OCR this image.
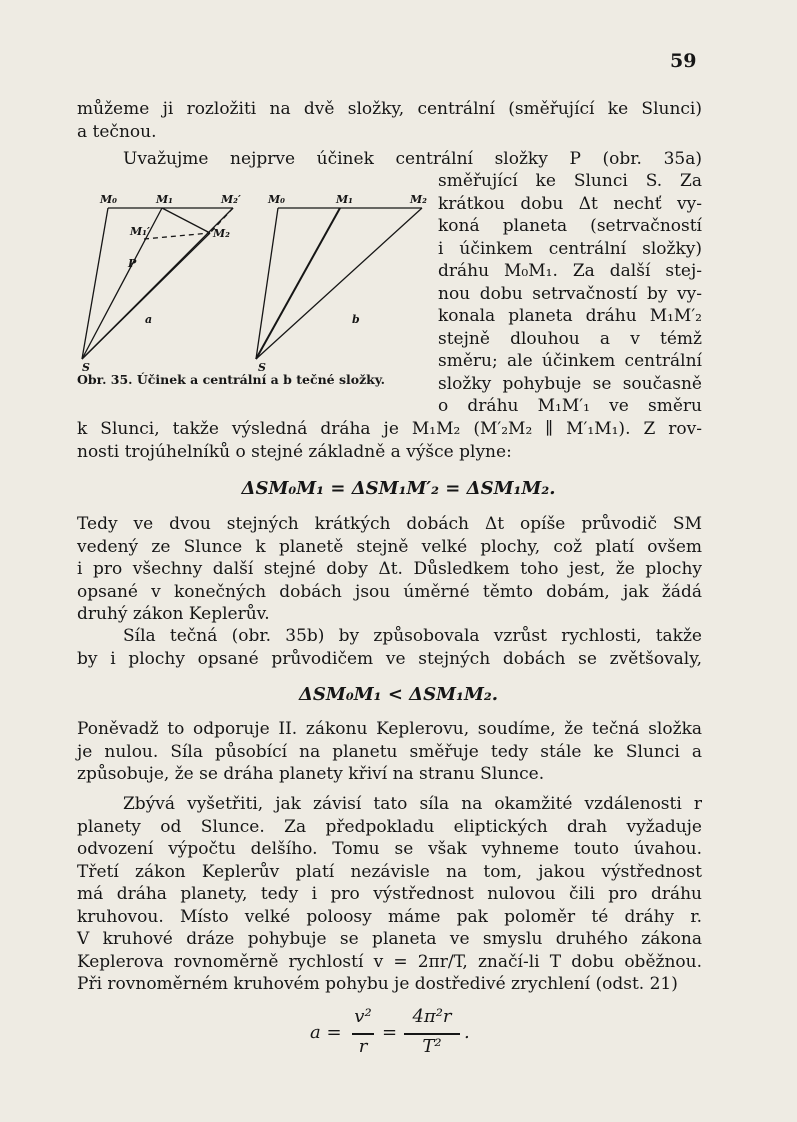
59
můžeme ji rozložiti na dvě složky, centrální (směřující ke Slunci)
a tečnou.
Uvažujme nejprve účinek centrální složky P (obr. 35a)
směřující ke Slunci S. Za
krátkou dobu Δt nechť vy-
koná planeta (setrvačností
i účinkem centrální složky)
dráhu M₀M₁. Za další stej-
nou dobu setrvačností by vy-
konala planeta dráhu M₁M′₂
stejně dlouhou a v témž
směru; ale účinkem centrální
složky pohybuje se současně
o dráhu M₁M′₁ ve směru
M₀	M₁	M₂′
M₁′	M₂
P
a
S
M₀	M₁	M₂
b
S
Obr. 35. Účinek a centrální a b tečné složky.
k Slunci, takže výsledná dráha je M₁M₂ (M′₂M₂ ∥ M′₁M₁). Z rov-
nosti trojúhelníků o stejné základně a výšce plyne:
ΔSM₀M₁ = ΔSM₁M′₂ = ΔSM₁M₂.
Tedy ve dvou stejných krátkých dobách Δt opíše průvodič SM
vedený ze Slunce k planetě stejně velké plochy, což platí ovšem
i pro všechny další stejné doby Δt. Důsledkem toho jest, že plochy
opsané v konečných dobách jsou úměrné těmto dobám, jak žádá
druhý zákon Keplerův.
Síla tečná (obr. 35b) by způsobovala vzrůst rychlosti, takže
by i plochy opsané průvodičem ve stejných dobách se zvětšovaly,
ΔSM₀M₁ < ΔSM₁M₂.
Poněvadž to odporuje II. zákonu Keplerovu, soudíme, že tečná složka
je nulou. Síla působící na planetu směřuje tedy stále ke Slunci a
způsobuje, že se dráha planety křiví na stranu Slunce.
Zbývá vyšetřiti, jak závisí tato síla na okamžité vzdálenosti r
planety od Slunce. Za předpokladu eliptických drah vyžaduje
odvození výpočtu delšího. Tomu se však vyhneme touto úvahou.
Třetí zákon Keplerův platí nezávisle na tom, jakou výstřednost
má dráha planety, tedy i pro výstřednost nulovou čili pro dráhu
kruhovou. Místo velké poloosy máme pak poloměr té dráhy r.
V kruhové dráze pohybuje se planeta ve smyslu druhého zákona
Keplerova rovnoměrně rychlostí v = 2πr/T, značí-li T dobu oběžnou.
Při rovnoměrném kruhovém pohybu je dostředivé zrychlení (odst. 21)
a =
v²
r
=
4π²r
T²
.
